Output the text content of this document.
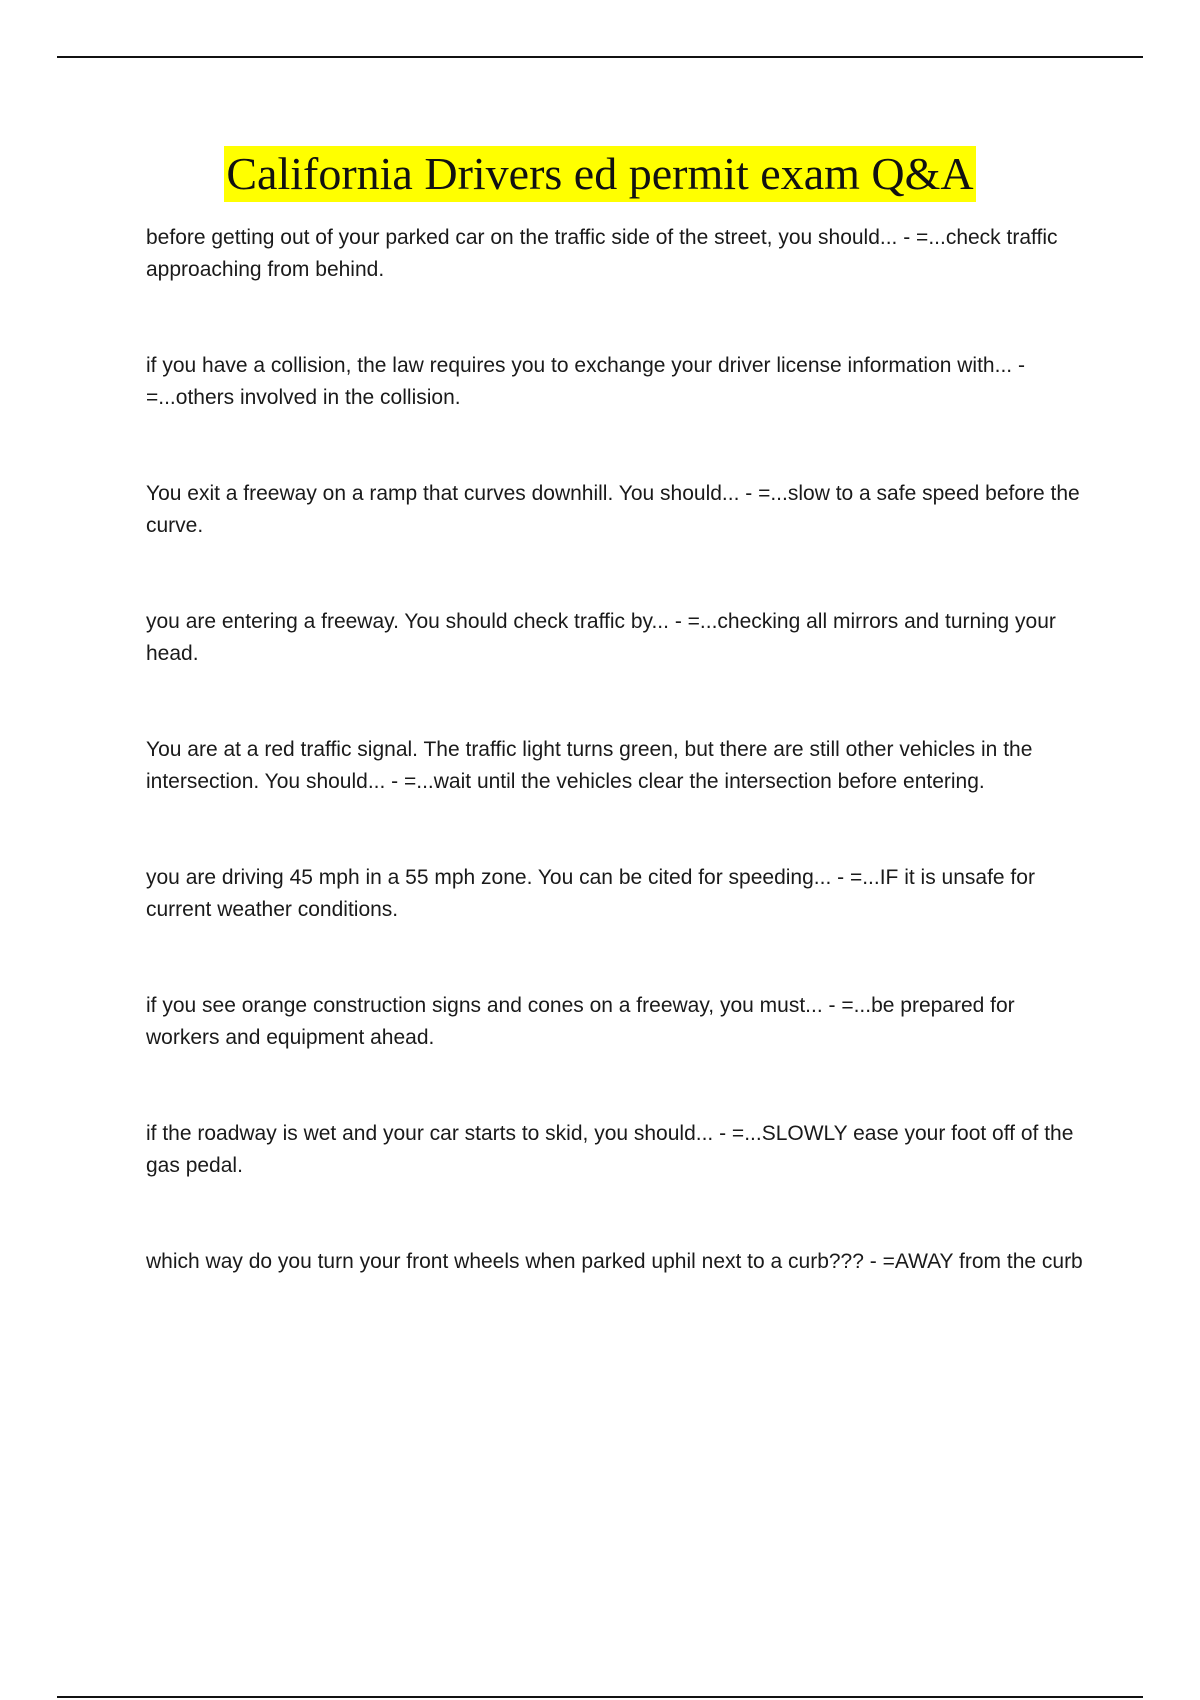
California Drivers ed permit exam Q&A
before getting out of your parked car on the traffic side of the street, you should... - =...check traffic approaching from behind.
if you have a collision, the law requires you to exchange your driver license information with... - =...others involved in the collision.
You exit a freeway on a ramp that curves downhill. You should... - =...slow to a safe speed before the curve.
you are entering a freeway. You should check traffic by... - =...checking all mirrors and turning your head.
You are at a red traffic signal. The traffic light turns green, but there are still other vehicles in the intersection. You should... - =...wait until the vehicles clear the intersection before entering.
you are driving 45 mph in a 55 mph zone. You can be cited for speeding... - =...IF it is unsafe for current weather conditions.
if you see orange construction signs and cones on a freeway, you must... - =...be prepared for workers and equipment ahead.
if the roadway is wet and your car starts to skid, you should... - =...SLOWLY ease your foot off of the gas pedal.
which way do you turn your front wheels when parked uphil next to a curb??? - =AWAY from the curb
